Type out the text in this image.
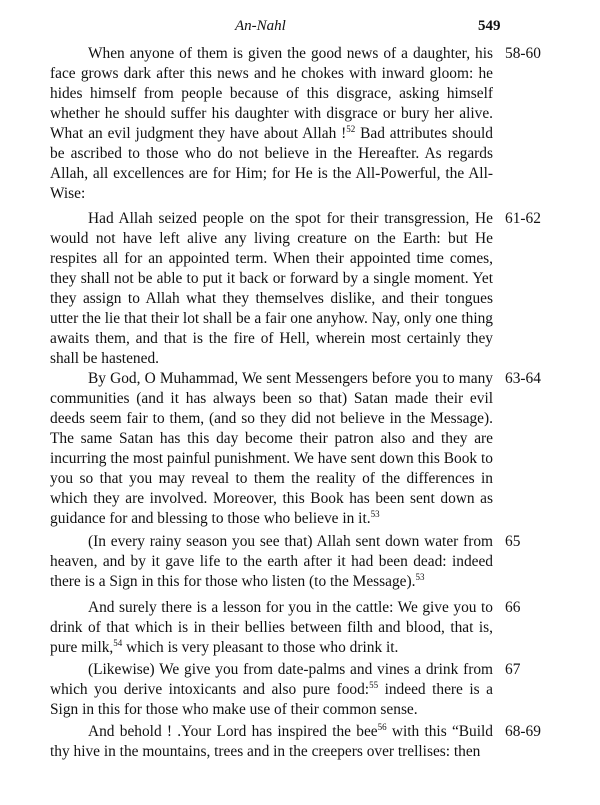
An-Nahl	549
When anyone of them is given the good news of a daughter, his face grows dark after this news and he chokes with inward gloom: he hides himself from people because of this disgrace, asking himself whether he should suffer his daughter with disgrace or bury her alive. What an evil judgment they have about Allah !$^{52}$ Bad attributes should be ascribed to those who do not believe in the Hereafter. As regards Allah, all excellences are for Him; for He is the All-Powerful, the All-Wise:
58-60
Had Allah seized people on the spot for their transgression, He would not have left alive any living creature on the Earth: but He respites all for an appointed term. When their appointed time comes, they shall not be able to put it back or forward by a single moment. Yet they assign to Allah what they themselves dislike, and their tongues utter the lie that their lot shall be a fair one anyhow. Nay, only one thing awaits them, and that is the fire of Hell, wherein most certainly they shall be hastened.
61-62
By God, O Muhammad, We sent Messengers before you to many communities (and it has always been so that) Satan made their evil deeds seem fair to them, (and so they did not believe in the Message). The same Satan has this day become their patron also and they are incurring the most painful punishment. We have sent down this Book to you so that you may reveal to them the reality of the differences in which they are involved. Moreover, this Book has been sent down as guidance for and blessing to those who believe in it.$^{53}$
63-64
(In every rainy season you see that) Allah sent down water from heaven, and by it gave life to the earth after it had been dead: indeed there is a Sign in this for those who listen (to the Message).$^{53}$
65
And surely there is a lesson for you in the cattle: We give you to drink of that which is in their bellies between filth and blood, that is, pure milk,$^{54}$ which is very pleasant to those who drink it.
66
(Likewise) We give you from date-palms and vines a drink from which you derive intoxicants and also pure food:$^{55}$ indeed there is a Sign in this for those who make use of their common sense.
67
And behold ! .Your Lord has inspired the bee$^{56}$ with this “Build thy hive in the mountains, trees and in the creepers over trellises: then
68-69
